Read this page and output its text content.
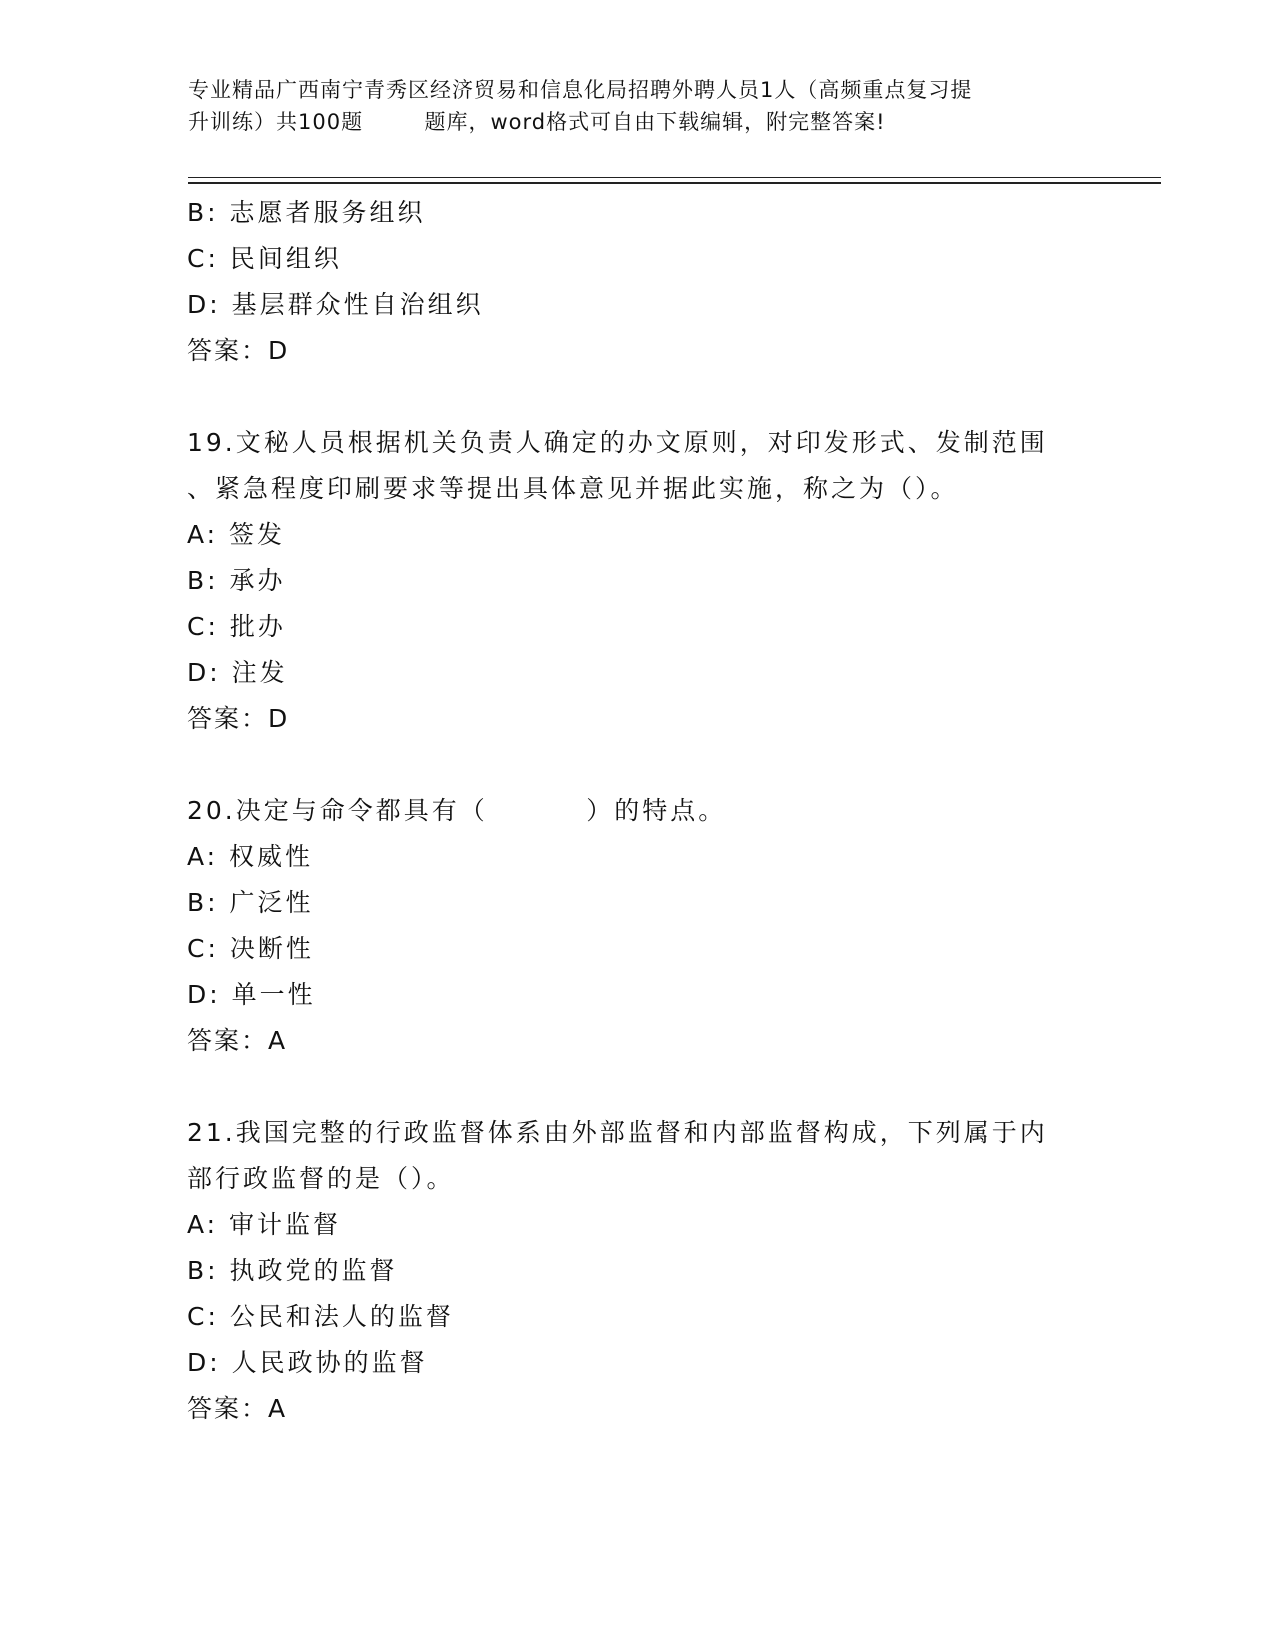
专业精品广西南宁青秀区经济贸易和信息化局招聘外聘人员1人（高频重点复习提
升训练）共100题        题库，word格式可自由下载编辑，附完整答案!
B: 志愿者服务组织
C: 民间组织
D: 基层群众性自治组织
答案：D
19.文秘人员根据机关负责人确定的办文原则，对印发形式、发制范围
、紧急程度印刷要求等提出具体意见并据此实施，称之为（）。
A: 签发
B: 承办
C: 批办
D: 注发
答案：D
20.决定与命令都具有（         ）的特点。
A: 权威性
B: 广泛性
C: 决断性
D: 单一性
答案：A
21.我国完整的行政监督体系由外部监督和内部监督构成，下列属于内
部行政监督的是（）。
A: 审计监督
B: 执政党的监督
C: 公民和法人的监督
D: 人民政协的监督
答案：A
